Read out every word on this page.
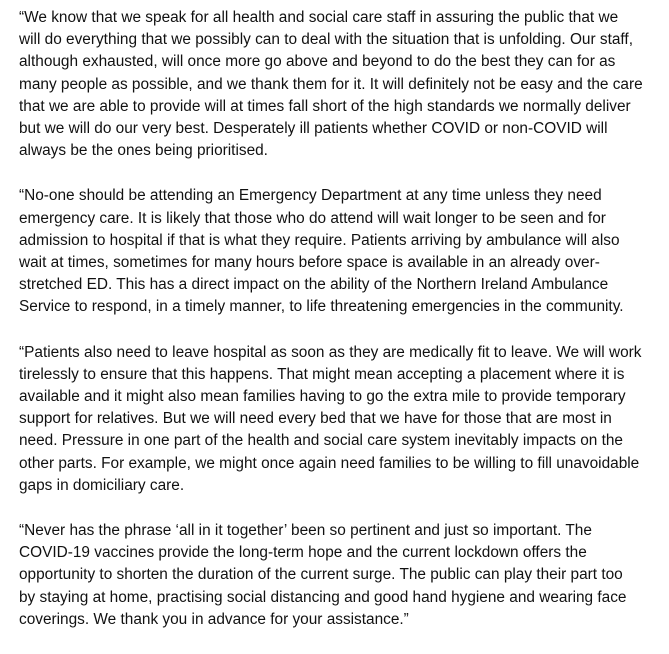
“We know that we speak for all health and social care staff in assuring the public that we
will do everything that we possibly can to deal with the situation that is unfolding. Our staff,
although exhausted, will once more go above and beyond to do the best they can for as
many people as possible, and we thank them for it. It will definitely not be easy and the care
that we are able to provide will at times fall short of the high standards we normally deliver
but we will do our very best. Desperately ill patients whether COVID or non-COVID will
always be the ones being prioritised.

“No-one should be attending an Emergency Department at any time unless they need
emergency care. It is likely that those who do attend will wait longer to be seen and for
admission to hospital if that is what they require. Patients arriving by ambulance will also
wait at times, sometimes for many hours before space is available in an already over-
stretched ED. This has a direct impact on the ability of the Northern Ireland Ambulance
Service to respond, in a timely manner, to life threatening emergencies in the community.

“Patients also need to leave hospital as soon as they are medically fit to leave. We will work
tirelessly to ensure that this happens. That might mean accepting a placement where it is
available and it might also mean families having to go the extra mile to provide temporary
support for relatives. But we will need every bed that we have for those that are most in
need. Pressure in one part of the health and social care system inevitably impacts on the
other parts. For example, we might once again need families to be willing to fill unavoidable
gaps in domiciliary care.

“Never has the phrase ‘all in it together’ been so pertinent and just so important. The
COVID-19 vaccines provide the long-term hope and the current lockdown offers the
opportunity to shorten the duration of the current surge. The public can play their part too
by staying at home, practising social distancing and good hand hygiene and wearing face
coverings. We thank you in advance for your assistance.”
